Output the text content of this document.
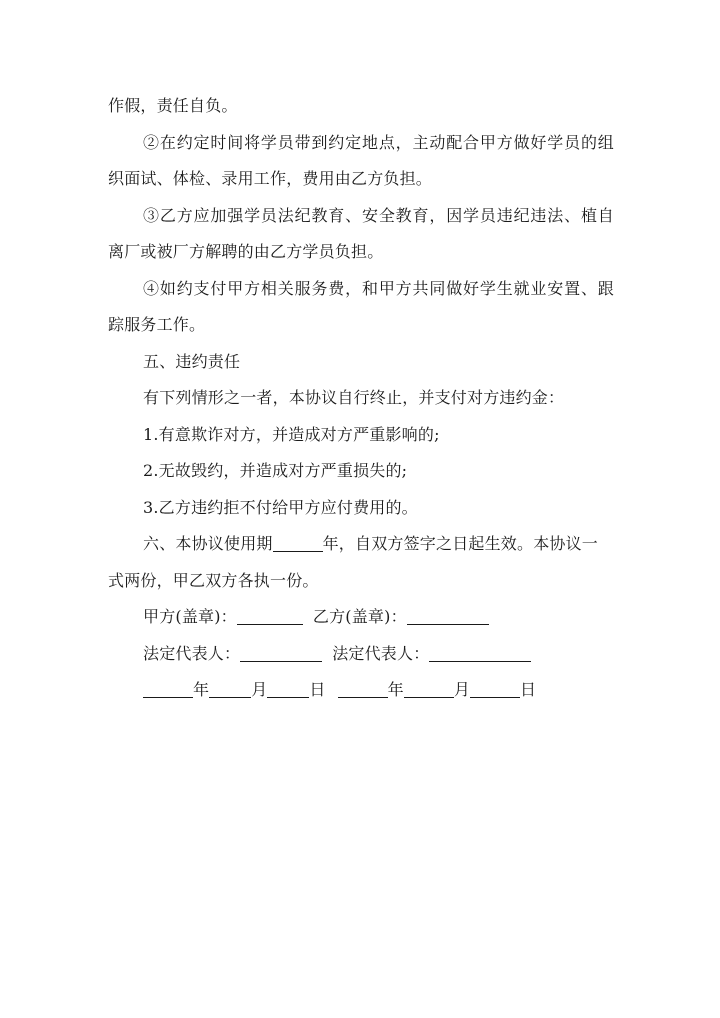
作假，责任自负。
②在约定时间将学员带到约定地点，主动配合甲方做好学员的组
织面试、体检、录用工作，费用由乙方负担。
③乙方应加强学员法纪教育、安全教育，因学员违纪违法、植自
离厂或被厂方解聘的由乙方学员负担。
④如约支付甲方相关服务费，和甲方共同做好学生就业安置、跟
踪服务工作。
五、违约责任
有下列情形之一者，本协议自行终止，并支付对方违约金：
1.有意欺诈对方，并造成对方严重影响的;
2.无故毁约，并造成对方严重损失的;
3.乙方违约拒不付给甲方应付费用的。
六、本协议使用期	年，自双方签字之日起生效。本协议一
式两份，甲乙双方各执一份。
甲方(盖章)：	乙方(盖章)：
法定代表人：	法定代表人：
年	月	日	年	月	日
